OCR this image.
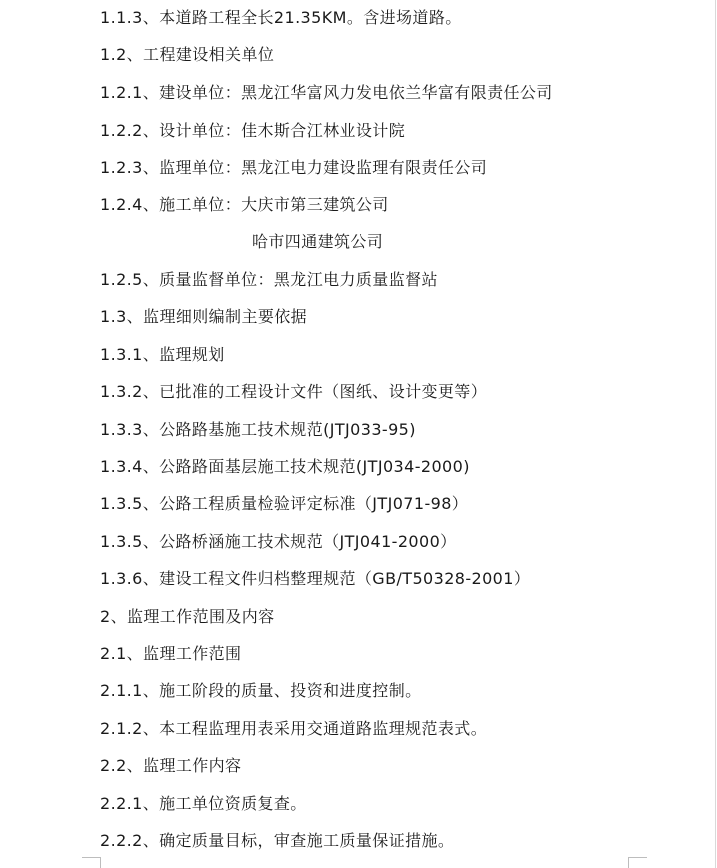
1.1.3、本道路工程全长21.35KM。含进场道路。
1.2、工程建设相关单位
1.2.1、建设单位：黑龙江华富风力发电依兰华富有限责任公司
1.2.2、设计单位：佳木斯合江林业设计院
1.2.3、监理单位：黑龙江电力建设监理有限责任公司
1.2.4、施工单位：大庆市第三建筑公司
哈市四通建筑公司
1.2.5、质量监督单位：黑龙江电力质量监督站
1.3、监理细则编制主要依据
1.3.1、监理规划
1.3.2、已批准的工程设计文件（图纸、设计变更等）
1.3.3、公路路基施工技术规范(JTJ033-95)
1.3.4、公路路面基层施工技术规范(JTJ034-2000)
1.3.5、公路工程质量检验评定标准（JTJ071-98）
1.3.5、公路桥涵施工技术规范（JTJ041-2000）
1.3.6、建设工程文件归档整理规范（GB/T50328-2001）
2、监理工作范围及内容
2.1、监理工作范围
2.1.1、施工阶段的质量、投资和进度控制。
2.1.2、本工程监理用表采用交通道路监理规范表式。
2.2、监理工作内容
2.2.1、施工单位资质复查。
2.2.2、确定质量目标，审查施工质量保证措施。
